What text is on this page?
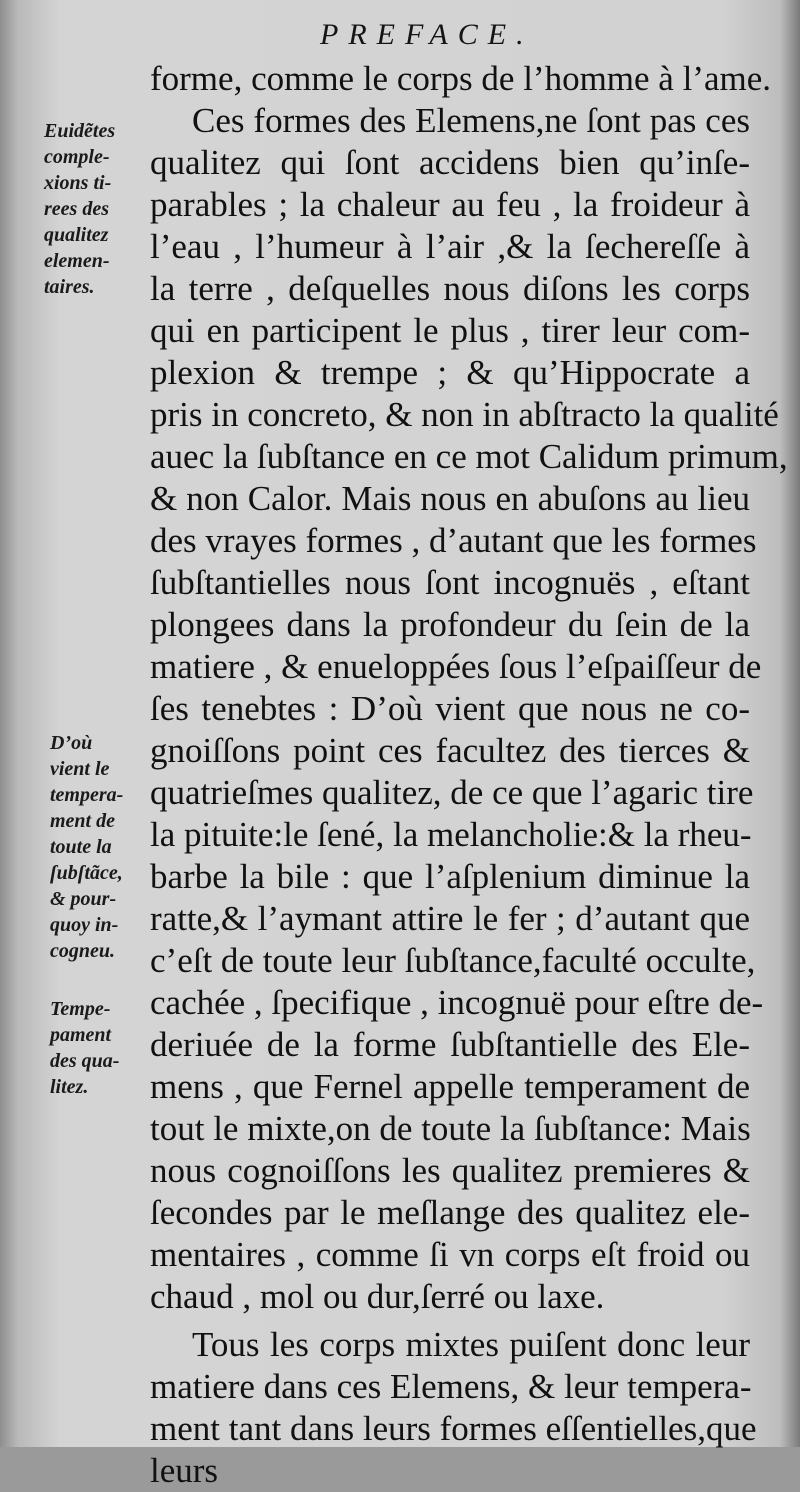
PREFACE.
forme, comme le corps de l’homme à l’ame.
Ces formes des Elemens,ne ſont pas ces
qualitez qui ſont accidens bien qu’inſe-
parables ; la chaleur au feu , la froideur à
l’eau , l’humeur à l’air ,& la ſechereſſe à
la terre , deſquelles nous diſons les corps
qui en participent le plus , tirer leur com-
plexion & trempe ; & qu’Hippocrate a
pris in concreto, & non in abſtracto la qualité
auec la ſubſtance en ce mot Calidum primum,
& non Calor. Mais nous en abuſons au lieu
des vrayes formes , d’autant que les formes
ſubſtantielles nous ſont incognuës , eſtant
plongees dans la profondeur du ſein de la
matiere , & enueloppées ſous l’eſpaiſſeur de
ſes tenebtes : D’où vient que nous ne co-
gnoiſſons point ces facultez des tierces &
quatrieſmes qualitez, de ce que l’agaric tire
la pituite:le ſené, la melancholie:& la rheu-
barbe la bile : que l’aſplenium diminue la
ratte,& l’aymant attire le fer ; d’autant que
c’eſt de toute leur ſubſtance,faculté occulte,
cachée , ſpecifique , incognuë pour eſtre de-
deriuée de la forme ſubſtantielle des Ele-
mens , que Fernel appelle temperament de
tout le mixte,on de toute la ſubſtance: Mais
nous cognoiſſons les qualitez premieres &
ſecondes par le meſlange des qualitez ele-
mentaires , comme ſi vn corps eſt froid ou
chaud , mol ou dur,ſerré ou laxe.
Tous les corps mixtes puiſent donc leur
matiere dans ces Elemens, & leur tempera-
ment tant dans leurs formes eſſentielles,que
leurs
Euidẽtes
comple-
xions ti-
rees des
qualitez
elemen-
taires.
D’où
vient le
tempera-
ment de
toute la
ſubſtãce,
& pour-
quoy in-
cogneu.
Tempe-
pament
des qua-
litez.
